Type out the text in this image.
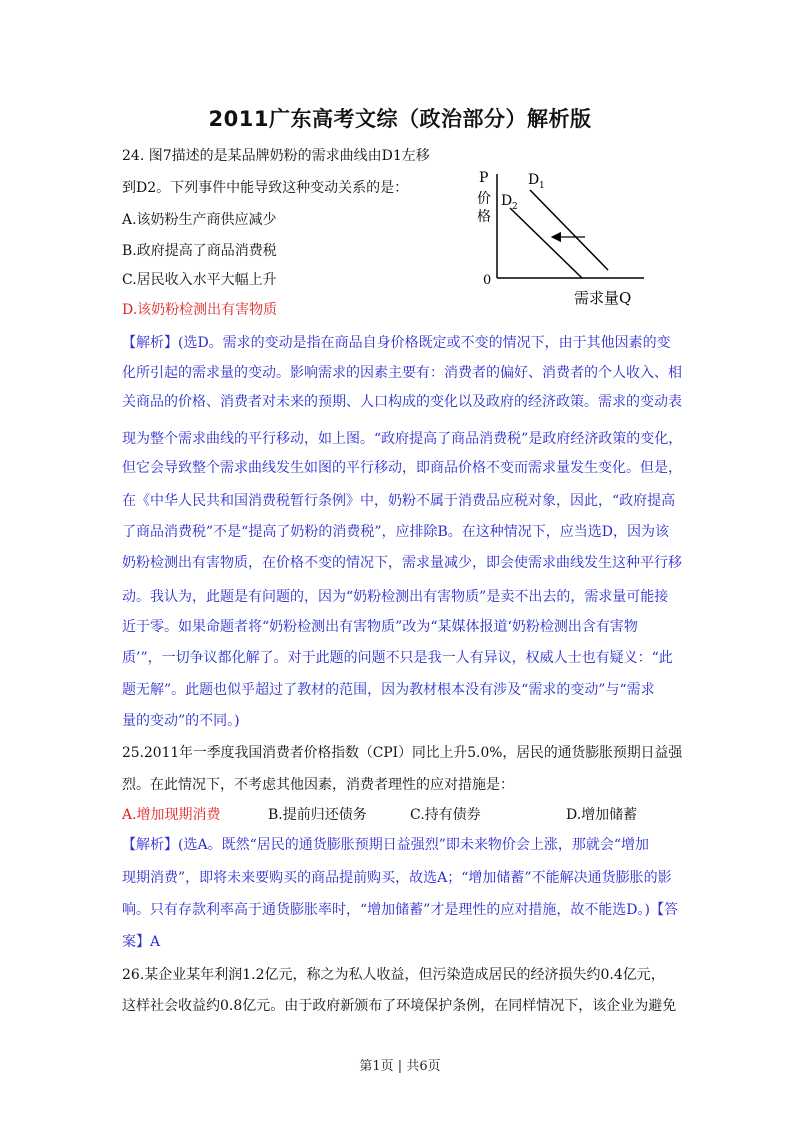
2011广东高考文综（政治部分）解析版
24. 图7描述的是某品牌奶粉的需求曲线由D1左移
到D2。下列事件中能导致这种变动关系的是：
A.该奶粉生产商供应减少
B.政府提高了商品消费税
C.居民收入水平大幅上升
D.该奶粉检测出有害物质
P
价
格
0
需求量Q
D 1
D 2
【解析】(选D。需求的变动是指在商品自身价格既定或不变的情况下，由于其他因素的变
化所引起的需求量的变动。影响需求的因素主要有：消费者的偏好、消费者的个人收入、相
关商品的价格、消费者对未来的预期、人口构成的变化以及政府的经济政策。需求的变动表
现为整个需求曲线的平行移动，如上图。“政府提高了商品消费税”是政府经济政策的变化，
但它会导致整个需求曲线发生如图的平行移动，即商品价格不变而需求量发生变化。但是，
在《中华人民共和国消费税暂行条例》中，奶粉不属于消费品应税对象，因此，“政府提高
了商品消费税”不是“提高了奶粉的消费税”，应排除B。在这种情况下，应当选D，因为该
奶粉检测出有害物质，在价格不变的情况下，需求量减少，即会使需求曲线发生这种平行移
动。我认为，此题是有问题的，因为“奶粉检测出有害物质”是卖不出去的，需求量可能接
近于零。如果命题者将“奶粉检测出有害物质”改为“某媒体报道‘奶粉检测出含有害物
质’”，一切争议都化解了。对于此题的问题不只是我一人有异议，权威人士也有疑义：“此
题无解”。此题也似乎超过了教材的范围，因为教材根本没有涉及“需求的变动”与“需求
量的变动”的不同。)
25.2011年一季度我国消费者价格指数（CPI）同比上升5.0%，居民的通货膨胀预期日益强
烈。在此情况下，不考虑其他因素，消费者理性的应对措施是：
A.增加现期消费	B.提前归还债务	C.持有债券	D.增加储蓄
【解析】(选A。既然“居民的通货膨胀预期日益强烈”即未来物价会上涨，那就会“增加
现期消费”，即将未来要购买的商品提前购买，故选A；“增加储蓄”不能解决通货膨胀的影
响。只有存款利率高于通货膨胀率时，“增加储蓄”才是理性的应对措施，故不能选D。)【答
案】A
26.某企业某年利润1.2亿元，称之为私人收益，但污染造成居民的经济损失约0.4亿元，
这样社会收益约0.8亿元。由于政府新颁布了环境保护条例，在同样情况下，该企业为避免
第1页 | 共6页
